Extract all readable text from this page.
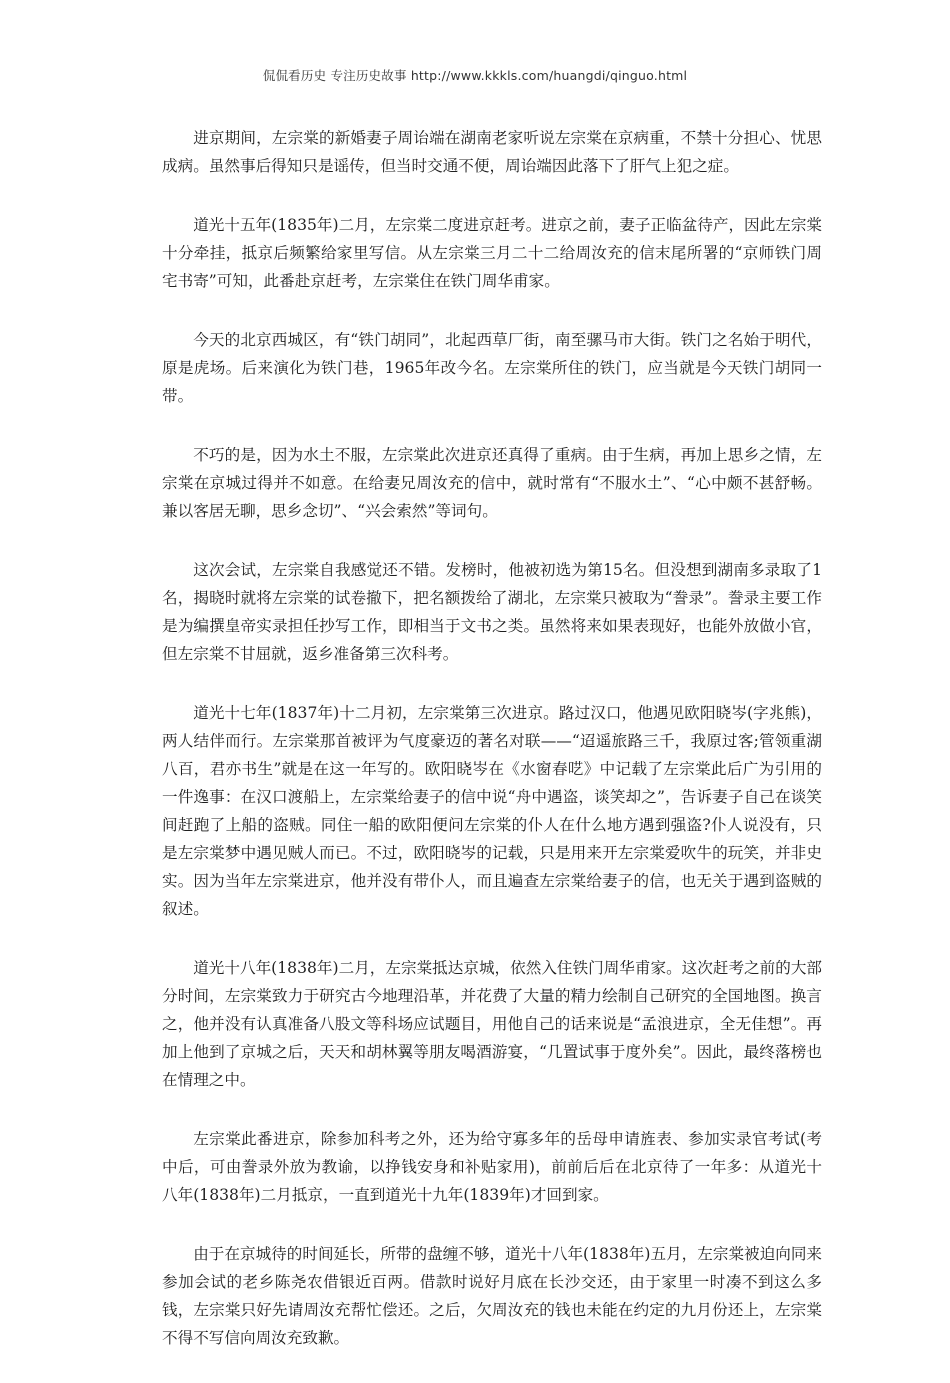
侃侃看历史 专注历史故事 http://www.kkkls.com/huangdi/qinguo.html

进京期间，左宗棠的新婚妻子周诒端在湖南老家听说左宗棠在京病重，不禁十分担心、忧思成病。虽然事后得知只是谣传，但当时交通不便，周诒端因此落下了肝气上犯之症。

道光十五年(1835年)二月，左宗棠二度进京赶考。进京之前，妻子正临盆待产，因此左宗棠十分牵挂，抵京后频繁给家里写信。从左宗棠三月二十二给周汝充的信末尾所署的“京师铁门周宅书寄”可知，此番赴京赶考，左宗棠住在铁门周华甫家。

今天的北京西城区，有“铁门胡同”，北起西草厂街，南至骡马市大街。铁门之名始于明代，原是虎场。后来演化为铁门巷，1965年改今名。左宗棠所住的铁门，应当就是今天铁门胡同一带。

不巧的是，因为水土不服，左宗棠此次进京还真得了重病。由于生病，再加上思乡之情，左宗棠在京城过得并不如意。在给妻兄周汝充的信中，就时常有“不服水土”、“心中颇不甚舒畅。兼以客居无聊，思乡念切”、“兴会索然”等词句。

这次会试，左宗棠自我感觉还不错。发榜时，他被初选为第15名。但没想到湖南多录取了1名，揭晓时就将左宗棠的试卷撤下，把名额拨给了湖北，左宗棠只被取为“誊录”。誊录主要工作是为编撰皇帝实录担任抄写工作，即相当于文书之类。虽然将来如果表现好，也能外放做小官，但左宗棠不甘屈就，返乡准备第三次科考。

道光十七年(1837年)十二月初，左宗棠第三次进京。路过汉口，他遇见欧阳晓岑(字兆熊)，两人结伴而行。左宗棠那首被评为气度豪迈的著名对联——“迢遥旅路三千，我原过客;管领重湖八百，君亦书生”就是在这一年写的。欧阳晓岑在《水窗春呓》中记载了左宗棠此后广为引用的一件逸事：在汉口渡船上，左宗棠给妻子的信中说“舟中遇盗，谈笑却之”，告诉妻子自己在谈笑间赶跑了上船的盗贼。同住一船的欧阳便问左宗棠的仆人在什么地方遇到强盗?仆人说没有，只是左宗棠梦中遇见贼人而已。不过，欧阳晓岑的记载，只是用来开左宗棠爱吹牛的玩笑，并非史实。因为当年左宗棠进京，他并没有带仆人，而且遍查左宗棠给妻子的信，也无关于遇到盗贼的叙述。

道光十八年(1838年)二月，左宗棠抵达京城，依然入住铁门周华甫家。这次赶考之前的大部分时间，左宗棠致力于研究古今地理沿革，并花费了大量的精力绘制自己研究的全国地图。换言之，他并没有认真准备八股文等科场应试题目，用他自己的话来说是“孟浪进京，全无佳想”。再加上他到了京城之后，天天和胡林翼等朋友喝酒游宴，“几置试事于度外矣”。因此，最终落榜也在情理之中。

左宗棠此番进京，除参加科考之外，还为给守寡多年的岳母申请旌表、参加实录官考试(考中后，可由誊录外放为教谕，以挣钱安身和补贴家用)，前前后后在北京待了一年多：从道光十八年(1838年)二月抵京，一直到道光十九年(1839年)才回到家。

由于在京城待的时间延长，所带的盘缠不够，道光十八年(1838年)五月，左宗棠被迫向同来参加会试的老乡陈尧农借银近百两。借款时说好月底在长沙交还，由于家里一时凑不到这么多钱，左宗棠只好先请周汝充帮忙偿还。之后，欠周汝充的钱也未能在约定的九月份还上，左宗棠不得不写信向周汝充致歉。
